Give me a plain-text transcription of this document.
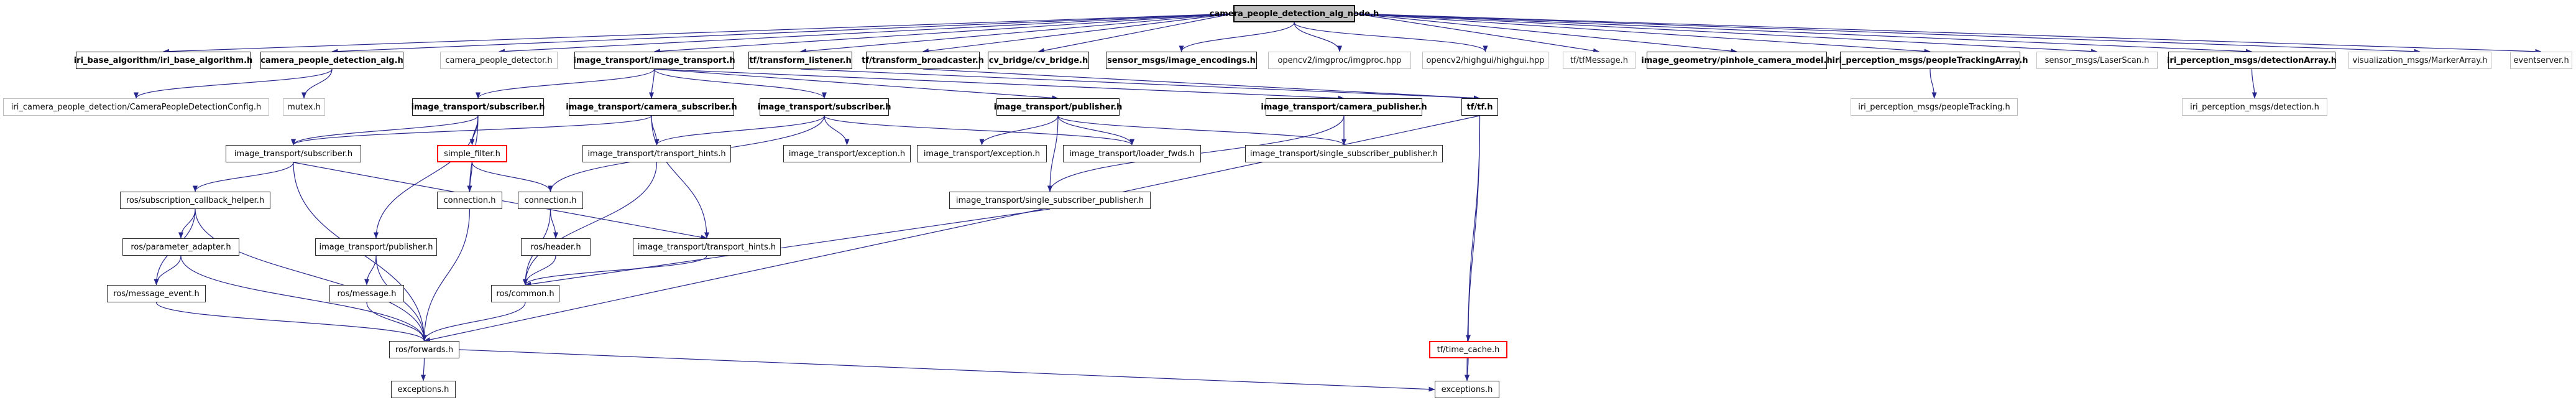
camera_people_detection_alg_node.h
iri_base_algorithm/iri_base_algorithm.h camera_people_detection_alg.h	camera_people_detector.h	image_transport/image_transport.h tf/transform_listener.h tf/transform_broadcaster.h cv_bridge/cv_bridge.h sensor_msgs/image_encodings.h	opencv2/imgproc/imgproc.hpp	opencv2/highgui/highgui.hpp	tf/tfMessage.h	image_geometry/pinhole_camera_model.h iri_perception_msgs/peopleTrackingArray.h	sensor_msgs/LaserScan.h	iri_perception_msgs/detectionArray.h	visualization_msgs/MarkerArray.h	eventserver.h
iri_camera_people_detection/CameraPeopleDetectionConfig.h	mutex.h	image_transport/subscriber.h	image_transport/camera_subscriber.h	image_transport/subscriber.h	image_transport/publisher.h	image_transport/camera_publisher.h	tf/tf.h	iri_perception_msgs/peopleTracking.h	iri_perception_msgs/detection.h
image_transport/subscriber.h	simple_filter.h	image_transport/transport_hints.h	image_transport/exception.h	image_transport/exception.h	image_transport/loader_fwds.h	image_transport/single_subscriber_publisher.h
ros/subscription_callback_helper.h	connection.h	connection.h	image_transport/single_subscriber_publisher.h
ros/parameter_adapter.h	image_transport/publisher.h	ros/header.h	image_transport/transport_hints.h
ros/message_event.h	ros/message.h	ros/common.h
ros/forwards.h	tf/time_cache.h
exceptions.h	exceptions.h
